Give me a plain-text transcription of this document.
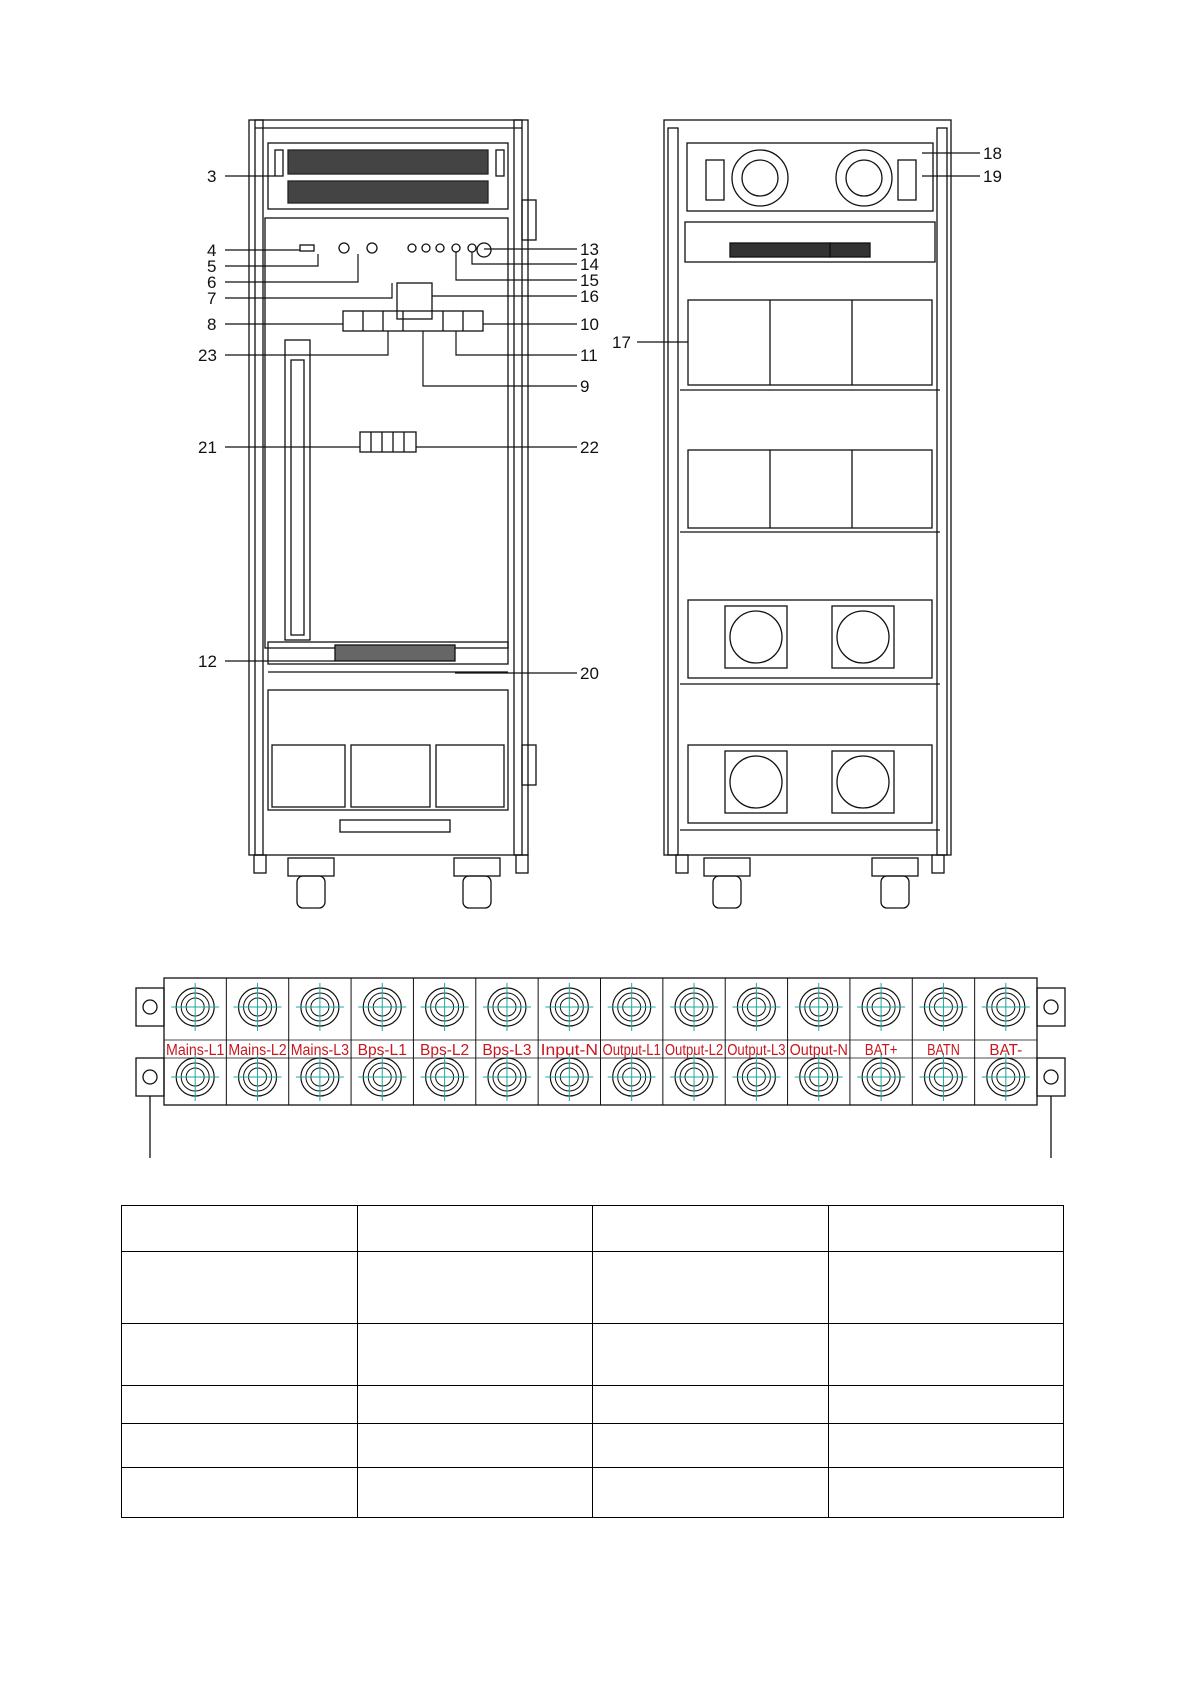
3
4
5
6
7
8
23
21
12
13
14
15
16
10
11
9
22
20
18
19
17
Mains-L1 Mains-L2 Mains-L3 Bps-L1 Bps-L2 Bps-L3 Input-N Output-L1 Output-L2 Output-L3 Output-N BAT+ BATN BAT-
